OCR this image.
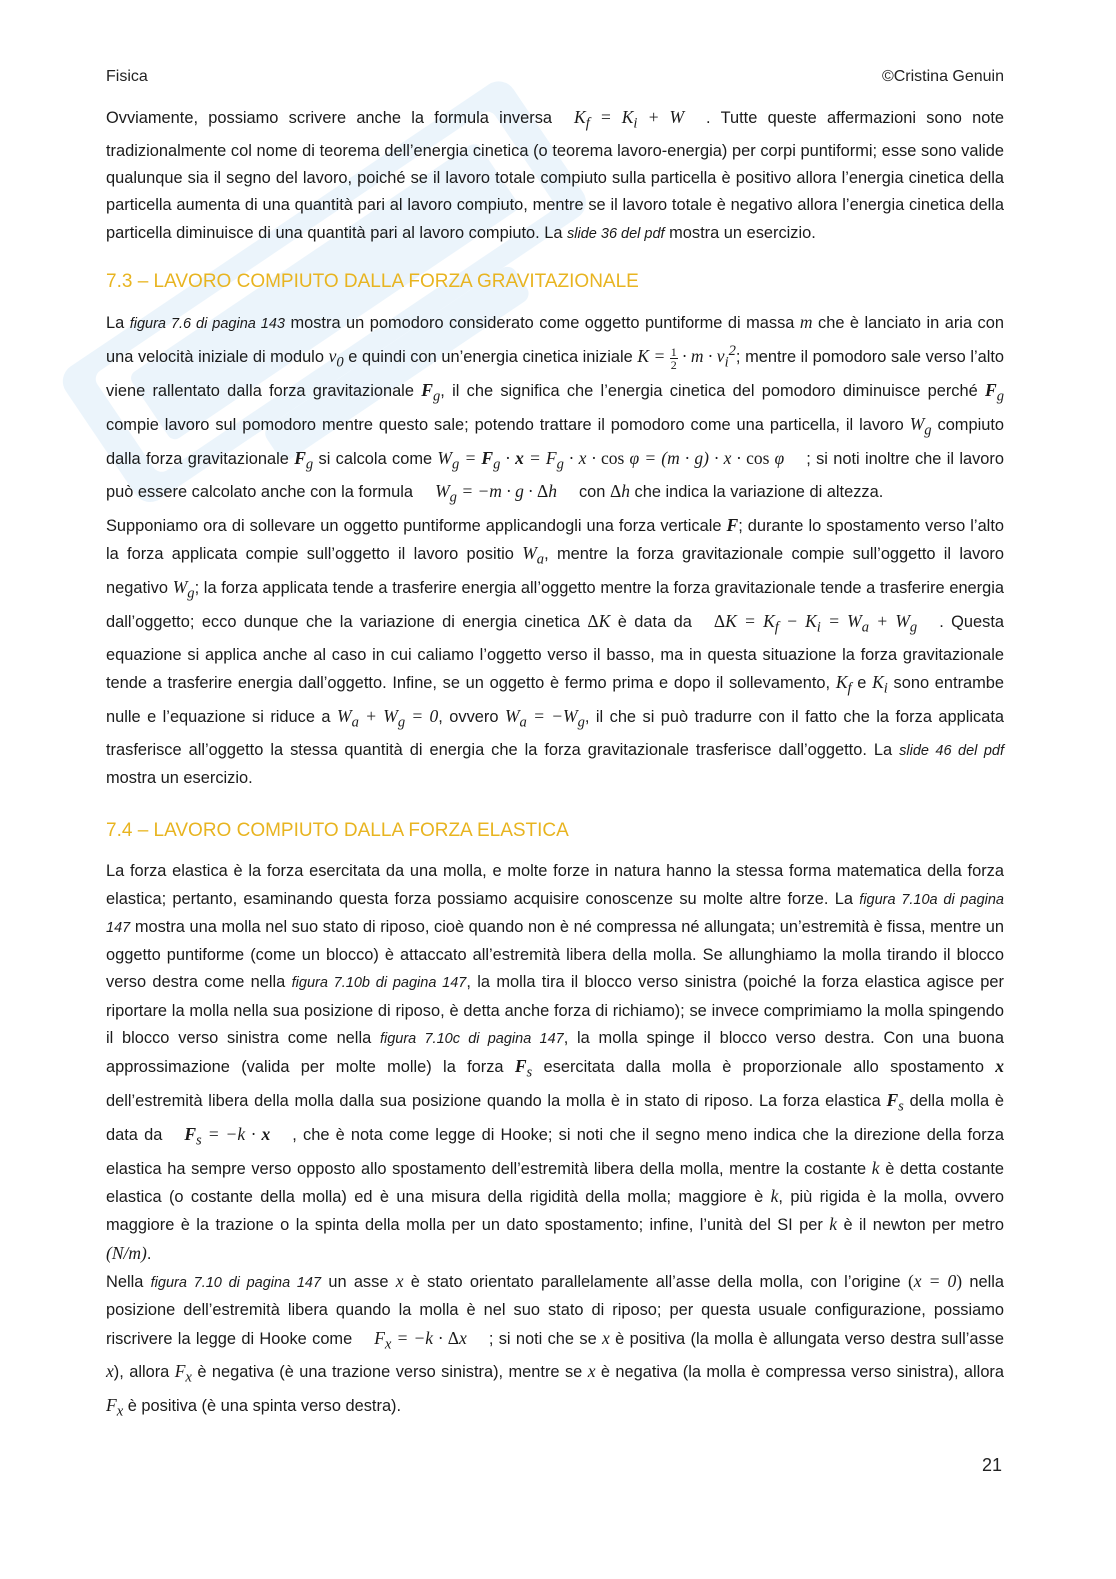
Fisica	©Cristina Genuin

Ovviamente, possiamo scrivere anche la formula inversa $K_f = K_i + W$ . Tutte queste affermazioni sono note tradizionalmente col nome di teorema dell’energia cinetica (o teorema lavoro-energia) per corpi puntiformi; esse sono valide qualunque sia il segno del lavoro, poiché se il lavoro totale compiuto sulla particella è positivo allora l’energia cinetica della particella aumenta di una quantità pari al lavoro compiuto, mentre se il lavoro totale è negativo allora l’energia cinetica della particella diminuisce di una quantità pari al lavoro compiuto. La slide 36 del pdf mostra un esercizio.

7.3 – LAVORO COMPIUTO DALLA FORZA GRAVITAZIONALE

La figura 7.6 di pagina 143 mostra un pomodoro considerato come oggetto puntiforme di massa m che è lanciato in aria con una velocità iniziale di modulo $v_0$ e quindi con un’energia cinetica iniziale $K = \frac{1}{2} \cdot m \cdot v_i^2$; mentre il pomodoro sale verso l’alto viene rallentato dalla forza gravitazionale $F_g$, il che significa che l’energia cinetica del pomodoro diminuisce perché $F_g$ compie lavoro sul pomodoro mentre questo sale; potendo trattare il pomodoro come una particella, il lavoro $W_g$ compiuto dalla forza gravitazionale $F_g$ si calcola come $W_g = F_g \cdot x = F_g \cdot x \cdot \cos \varphi = (m \cdot g) \cdot x \cdot \cos \varphi$ ; si noti inoltre che il lavoro può essere calcolato anche con la formula $W_g = -m \cdot g \cdot \Delta h$ con Δh che indica la variazione di altezza.

Supponiamo ora di sollevare un oggetto puntiforme applicandogli una forza verticale F; durante lo spostamento verso l’alto la forza applicata compie sull’oggetto il lavoro positio $W_a$, mentre la forza gravitazionale compie sull’oggetto il lavoro negativo $W_g$; la forza applicata tende a trasferire energia all’oggetto mentre la forza gravitazionale tende a trasferire energia dall’oggetto; ecco dunque che la variazione di energia cinetica ΔK è data da $\Delta K = K_f - K_i = W_a + W_g$ . Questa equazione si applica anche al caso in cui caliamo l’oggetto verso il basso, ma in questa situazione la forza gravitazionale tende a trasferire energia dall’oggetto. Infine, se un oggetto è fermo prima e dopo il sollevamento, $K_f$ e $K_i$ sono entrambe nulle e l’equazione si riduce a $W_a + W_g = 0$, ovvero $W_a = -W_g$, il che si può tradurre con il fatto che la forza applicata trasferisce all’oggetto la stessa quantità di energia che la forza gravitazionale trasferisce dall’oggetto. La slide 46 del pdf mostra un esercizio.

7.4 – LAVORO COMPIUTO DALLA FORZA ELASTICA

La forza elastica è la forza esercitata da una molla, e molte forze in natura hanno la stessa forma matematica della forza elastica; pertanto, esaminando questa forza possiamo acquisire conoscenze su molte altre forze. La figura 7.10a di pagina 147 mostra una molla nel suo stato di riposo, cioè quando non è né compressa né allungata; un’estremità è fissa, mentre un oggetto puntiforme (come un blocco) è attaccato all’estremità libera della molla. Se allunghiamo la molla tirando il blocco verso destra come nella figura 7.10b di pagina 147, la molla tira il blocco verso sinistra (poiché la forza elastica agisce per riportare la molla nella sua posizione di riposo, è detta anche forza di richiamo); se invece comprimiamo la molla spingendo il blocco verso sinistra come nella figura 7.10c di pagina 147, la molla spinge il blocco verso destra. Con una buona approssimazione (valida per molte molle) la forza $F_s$ esercitata dalla molla è proporzionale allo spostamento x dell’estremità libera della molla dalla sua posizione quando la molla è in stato di riposo. La forza elastica $F_s$ della molla è data da $F_s = -k \cdot x$ , che è nota come legge di Hooke; si noti che il segno meno indica che la direzione della forza elastica ha sempre verso opposto allo spostamento dell’estremità libera della molla, mentre la costante k è detta costante elastica (o costante della molla) ed è una misura della rigidità della molla; maggiore è k, più rigida è la molla, ovvero maggiore è la trazione o la spinta della molla per un dato spostamento; infine, l’unità del SI per k è il newton per metro (N/m).

Nella figura 7.10 di pagina 147 un asse x è stato orientato parallelamente all’asse della molla, con l’origine (x = 0) nella posizione dell’estremità libera quando la molla è nel suo stato di riposo; per questa usuale configurazione, possiamo riscrivere la legge di Hooke come $F_x = -k \cdot \Delta x$ ; si noti che se x è positiva (la molla è allungata verso destra sull’asse x), allora $F_x$ è negativa (è una trazione verso sinistra), mentre se x è negativa (la molla è compressa verso sinistra), allora $F_x$ è positiva (è una spinta verso destra).

21
